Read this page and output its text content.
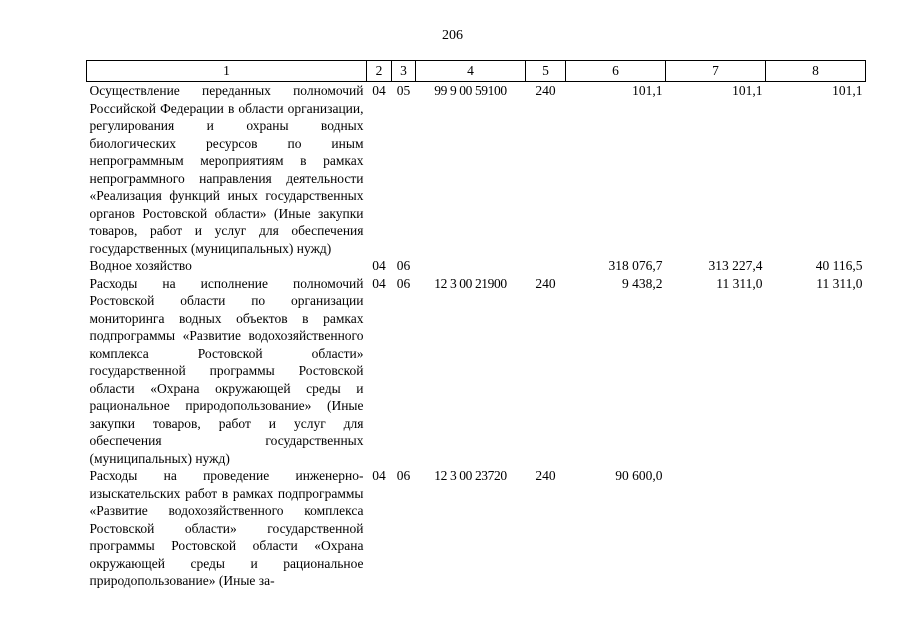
206
1	2	3	4	5	6	7	8
Осуществление переданных полномочий Российской Федерации в области организации, регулирования и охраны водных биологических ресурсов по иным непрограммным мероприятиям в рамках непрограммного направления деятельности «Реализация функций иных государственных органов Ростовской области» (Иные закупки товаров, работ и услуг для обеспечения государственных (муниципальных) нужд)	04	05	99 9 00 59100	240	101,1	101,1	101,1
Водное хозяйство	04	06			318 076,7	313 227,4	40 116,5
Расходы на исполнение полномочий Ростовской области по организации мониторинга водных объектов в рамках подпрограммы «Развитие водохозяйственного комплекса Ростовской области» государственной программы Ростовской области «Охрана окружающей среды и рациональное природопользование» (Иные закупки товаров, работ и услуг для обеспечения государственных (муниципальных) нужд)	04	06	12 3 00 21900	240	9 438,2	11 311,0	11 311,0
Расходы на проведение инженерно-изыскательских работ в рамках подпрограммы «Развитие водохозяйственного комплекса Ростовской области» государственной программы Ростовской области «Охрана окружающей среды и рациональное природопользование» (Иные за-	04	06	12 3 00 23720	240	90 600,0		
